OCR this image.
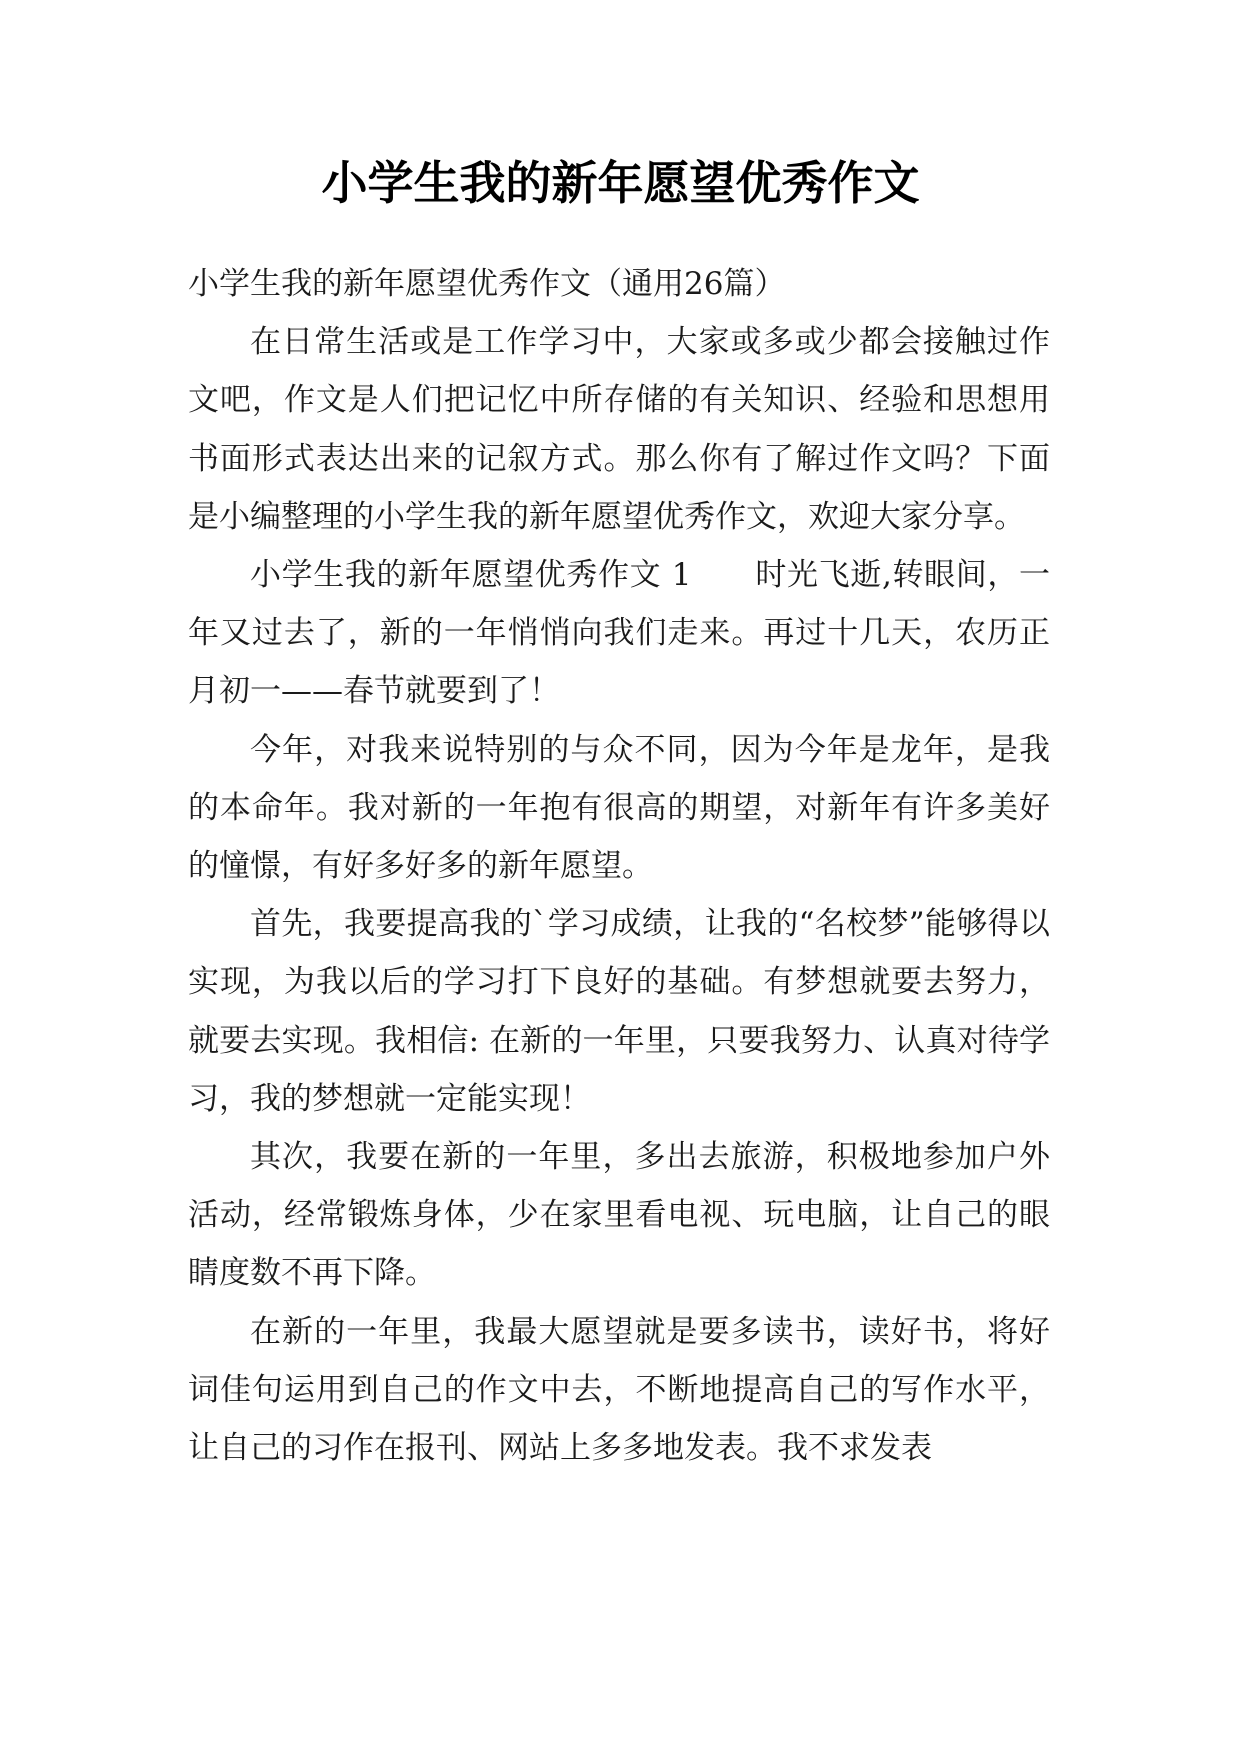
小学生我的新年愿望优秀作文

小学生我的新年愿望优秀作文（通用26篇）

在日常生活或是工作学习中，大家或多或少都会接触过作文吧，作文是人们把记忆中所存储的有关知识、经验和思想用书面形式表达出来的记叙方式。那么你有了解过作文吗？下面是小编整理的小学生我的新年愿望优秀作文，欢迎大家分享。

小学生我的新年愿望优秀作文 1　　时光飞逝,转眼间，一年又过去了，新的一年悄悄向我们走来。再过十几天，农历正月初一——春节就要到了！

今年，对我来说特别的与众不同，因为今年是龙年，是我的本命年。我对新的一年抱有很高的期望，对新年有许多美好的憧憬，有好多好多的新年愿望。

首先，我要提高我的`学习成绩，让我的“名校梦”能够得以实现，为我以后的学习打下良好的基础。有梦想就要去努力，就要去实现。我相信: 在新的一年里，只要我努力、认真对待学习，我的梦想就一定能实现！

其次，我要在新的一年里，多出去旅游，积极地参加户外活动，经常锻炼身体，少在家里看电视、玩电脑，让自己的眼睛度数不再下降。

在新的一年里，我最大愿望就是要多读书，读好书，将好词佳句运用到自己的作文中去，不断地提高自己的写作水平，让自己的习作在报刊、网站上多多地发表。我不求发表
